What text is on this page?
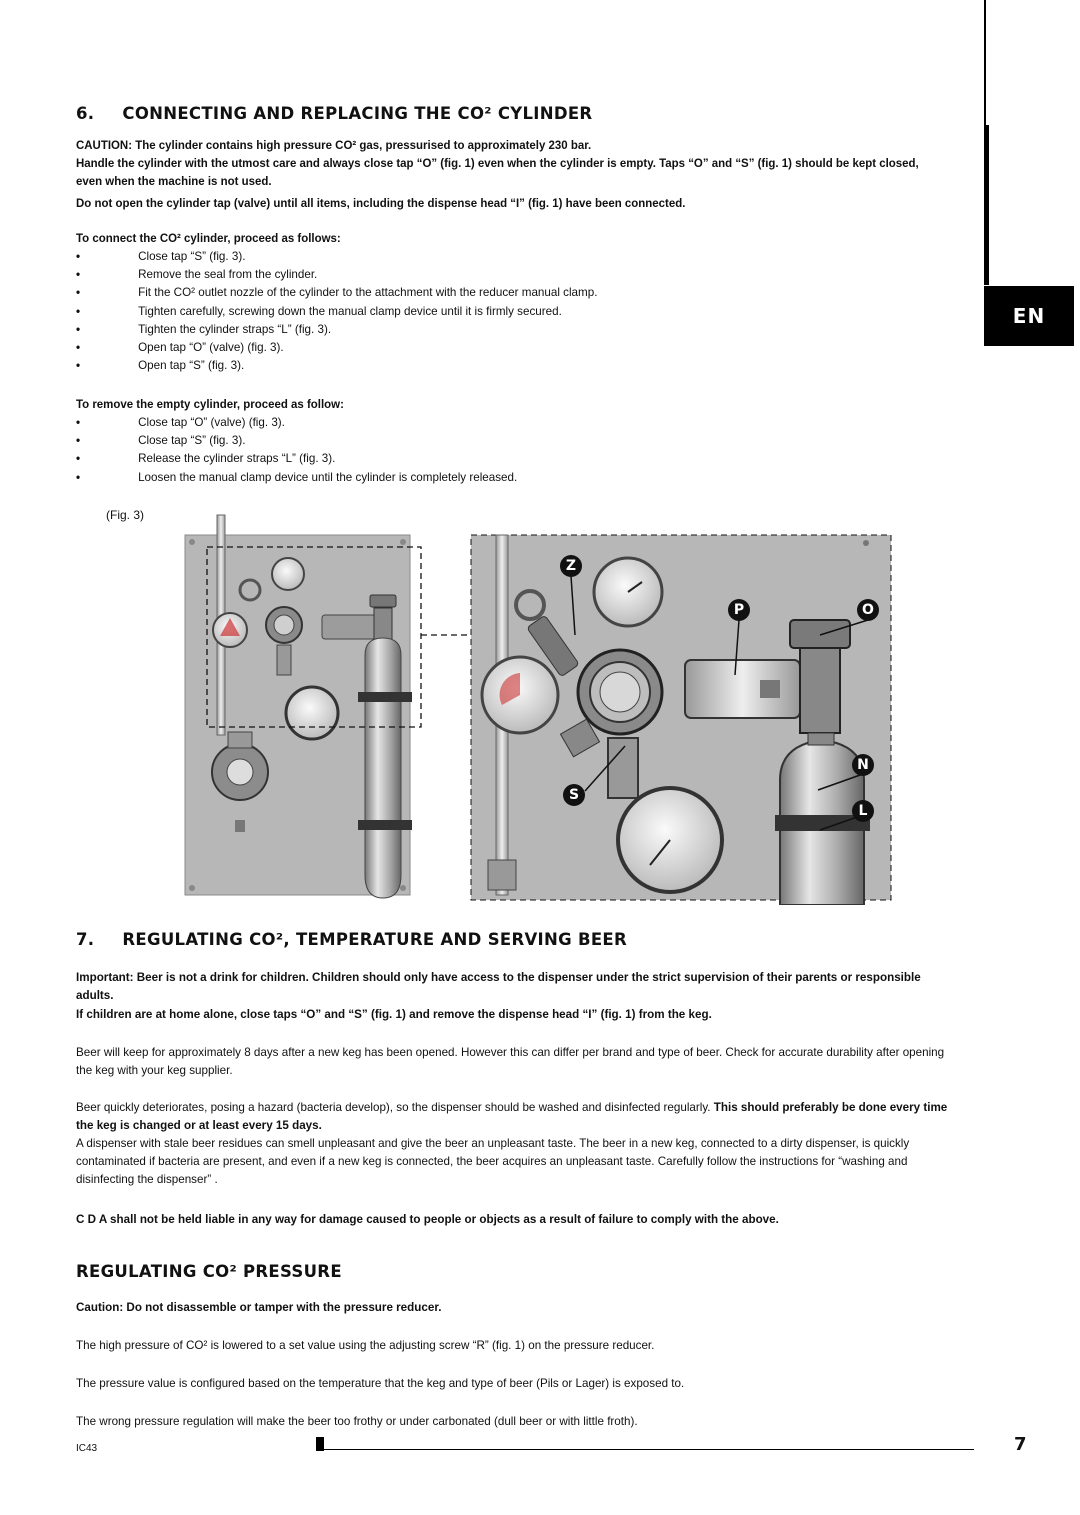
EN
6. CONNECTING AND REPLACING THE CO² CYLINDER
CAUTION: The cylinder contains high pressure CO² gas, pressurised to approximately 230 bar.
Handle the cylinder with the utmost care and always close tap “O” (fig. 1) even when the cylinder is empty. Taps “O” and “S” (fig. 1) should be kept closed,
even when the machine is not used.
Do not open the cylinder tap (valve) until all items, including the dispense head “I” (fig. 1) have been connected.
To connect the CO² cylinder, proceed as follows:
•	Close tap “S” (fig. 3).
•	Remove the seal from the cylinder.
•	Fit the CO² outlet nozzle of the cylinder to the attachment with the reducer manual clamp.
•	Tighten carefully, screwing down the manual clamp device until it is firmly secured.
•	Tighten the cylinder straps “L” (fig. 3).
•	Open tap “O” (valve) (fig. 3).
•	Open tap “S” (fig. 3).
To remove the empty cylinder, proceed as follow:
•	Close tap “O” (valve) (fig. 3).
•	Close tap “S” (fig. 3).
•	Release the cylinder straps “L” (fig. 3).
•	Loosen the manual clamp device until the cylinder is completely released.
(Fig. 3)
Z
P	O
N
S
L
7. REGULATING CO², TEMPERATURE AND SERVING BEER
Important: Beer is not a drink for children. Children should only have access to the dispenser under the strict supervision of their parents or responsible adults.
If children are at home alone, close taps “O” and “S” (fig. 1) and remove the dispense head “I” (fig. 1) from the keg.
Beer will keep for approximately 8 days after a new keg has been opened. However this can differ per brand and type of beer. Check for accurate durability after opening the keg with your keg supplier.
Beer quickly deteriorates, posing a hazard (bacteria develop), so the dispenser should be washed and disinfected regularly. This should preferably be done every time the keg is changed or at least every 15 days.
A dispenser with stale beer residues can smell unpleasant and give the beer an unpleasant taste. The beer in a new keg, connected to a dirty dispenser, is quickly contaminated if bacteria are present, and even if a new keg is connected, the beer acquires an unpleasant taste. Carefully follow the instructions for “washing and disinfecting the dispenser” .
C D A shall not be held liable in any way for damage caused to people or objects as a result of failure to comply with the above.
REGULATING CO² PRESSURE
Caution: Do not disassemble or tamper with the pressure reducer.
The high pressure of CO² is lowered to a set value using the adjusting screw “R” (fig. 1) on the pressure reducer.
The pressure value is configured based on the temperature that the keg and type of beer (Pils or Lager) is exposed to.
The wrong pressure regulation will make the beer too frothy or under carbonated (dull beer or with little froth).
IC43	7
